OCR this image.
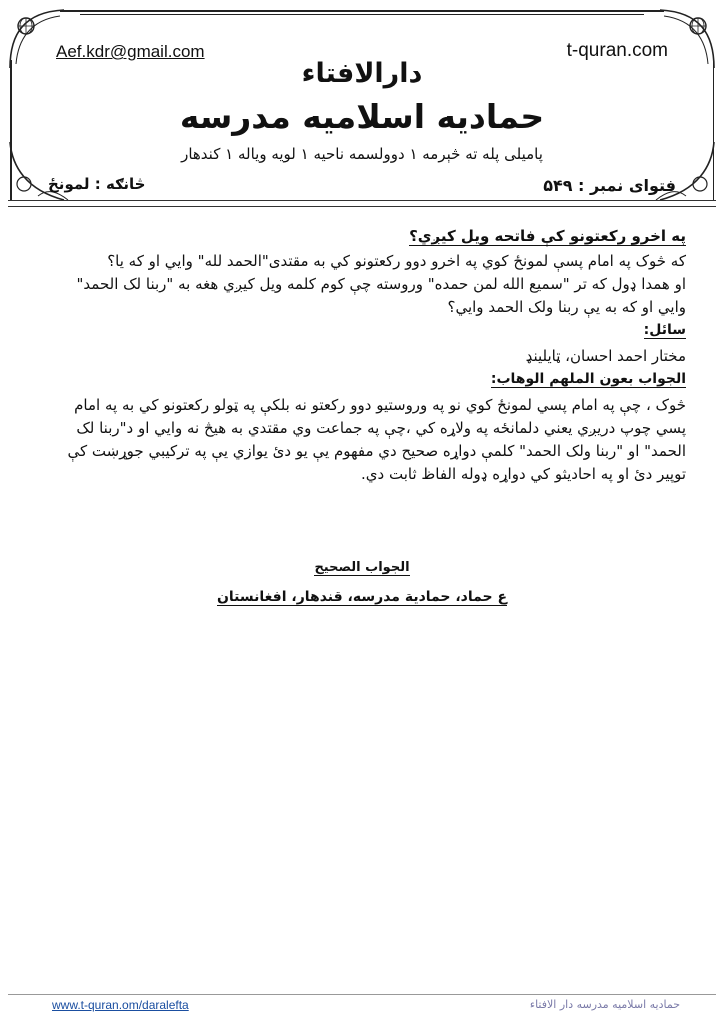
Aef.kdr@gmail.com	t-quran.com
دارالافتاء
حمادیه اسلامیه مدرسه
پامیلی پله ته څېرمه ۱ دوولسمه ناحیه ۱ لویه ویاله ۱ کندهار
فتوای نمبر : ۵۴۹
څانګه : لمونځ
په اخرو رکعتونو کې فاتحه ویل کیږي؟
که څوک په امام پسې لمونځ کوي په اخرو دوو رکعتونو کي به مقتدی"الحمد لله" وایي او که یا؟
او همدا ډول که تر "سمیع الله لمن حمده" وروسته چې کوم کلمه ویل کیږي هغه به "ربنا لک الحمد"
وایي او که به یې ربنا ولک الحمد وایي؟
سائل:
مختار احمد احسان، ټایلینډ
الجواب بعون الملهم الوهاب:
څوک ، چې په امام پسي لمونځ کوي نو په وروستیو دوو رکعتو نه بلکې په ټولو رکعتونو کي به په امام
پسي چوپ دریږي یعني دلمانځه په ولاړه کي ،چې په جماعت وي مقتدي به هیڅ نه وایي او د"ربنا لک
الحمد" او "ربنا ولک الحمد" کلمې دواړه صحیح دي مفهوم یې یو دئ یوازي یې په ترکیبي جوړښت کې
توپیر دئ او په احادیثو کي دواړه ډوله الفاظ ثابت دي.
الجواب الصحیح
ع حماد، حمادیة مدرسه، قندهار، افغانستان
www.t-quran.om/daralefta	حمادیه اسلامیه مدرسه دار الافتاء
